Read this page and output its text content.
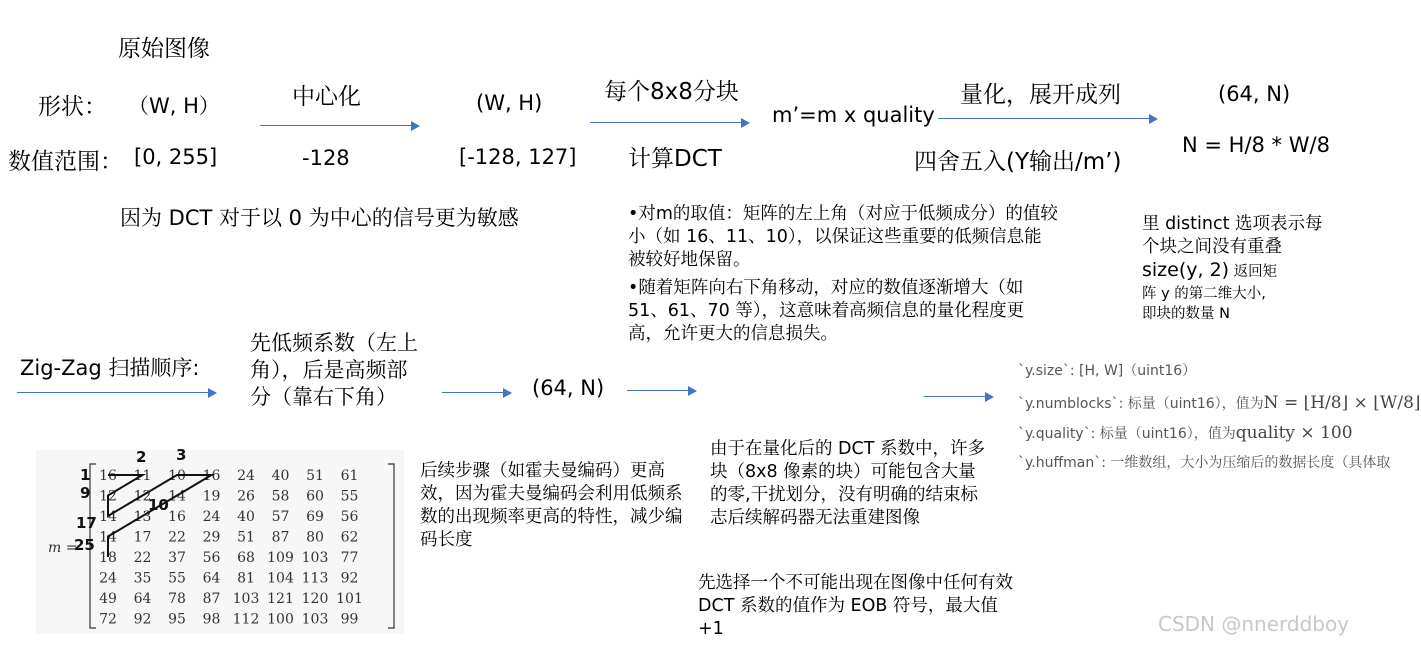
原始图像
形状： （W, H）
数值范围： [0, 255]
因为 DCT 对于以 0 为中心的信号更为敏感
中心化
-128
(W, H)
[-128, 127]
每个8x8分块
计算DCT
•对m的取值：矩阵的左上角（对应于低频成分）的值较小（如 16、11、10），以保证这些重要的低频信息能被较好地保留。
•随着矩阵向右下角移动，对应的数值逐渐增大（如 51、61、70 等），这意味着高频信息的量化程度更高，允许更大的信息损失。
m’=m x quality
量化，展开成列
四舍五入(Y输出/m’)
(64, N)
N = H/8 * W/8
里 distinct 选项表示每
个块之间没有重叠
size(y, 2) 返回矩
阵 y 的第二维大小,
即块的数量 N
Zig-Zag 扫描顺序:
先低频系数（左上角），后是高频部分（靠右下角）	(64, N)
m =
16 11 10 16 24 40 51 61
12 12 14 19 26 58 60 55
14 13 16 24 40 57 69 56
14 17 22 29 51 87 80 62
18 22 37 56 68 109 103 77
24 35 55 64 81 104 113 92
49 64 78 87 103 121 120 101
72 92 95 98 112 100 103 99
1
2 3
9
17
25
10
后续步骤（如霍夫曼编码）更高效，因为霍夫曼编码会利用低频系数的出现频率更高的特性，减少编码长度
由于在量化后的 DCT 系数中，许多块（8x8 像素的块）可能包含大量的零,干扰划分，没有明确的结束标志后续解码器无法重建图像
先选择一个不可能出现在图像中任何有效 DCT 系数的值作为 EOB 符号，最大值+1
`y.size`: [H, W]（uint16）
`y.numblocks`: 标量（uint16），值为N = ⌊H/8⌋ × ⌊W/8⌋
`y.quality`: 标量（uint16），值为quality × 100
`y.huffman`: 一维数组，大小为压缩后的数据长度（具体取
CSDN @nnerddboy
